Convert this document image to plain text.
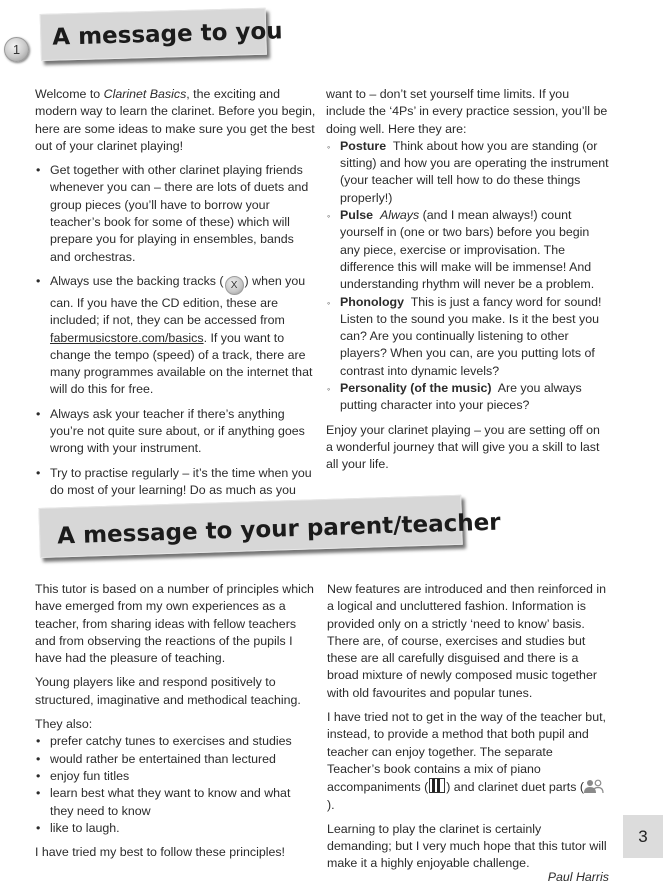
1	A message to you

Welcome to Clarinet Basics, the exciting and modern way to learn the clarinet. Before you begin, here are some ideas to make sure you get the best out of your clarinet playing!

• Get together with other clarinet playing friends whenever you can – there are lots of duets and group pieces (you’ll have to borrow your teacher’s book for some of these) which will prepare you for playing in ensembles, bands and orchestras.
• Always use the backing tracks ( X ) when you can. If you have the CD edition, these are included; if not, they can be accessed from fabermusicstore.com/basics. If you want to change the tempo (speed) of a track, there are many programmes available on the internet that will do this for free.
• Always ask your teacher if there’s anything you’re not quite sure about, or if anything goes wrong with your instrument.
• Try to practise regularly – it’s the time when you do most of your learning! Do as much as you

want to – don’t set yourself time limits. If you include the ‘4Ps’ in every practice session, you’ll be doing well. Here they are:

◦ Posture Think about how you are standing (or sitting) and how you are operating the instrument (your teacher will tell how to do these things properly!)
◦ Pulse Always (and I mean always!) count yourself in (one or two bars) before you begin any piece, exercise or improvisation. The difference this will make will be immense! And understanding rhythm will never be a problem.
◦ Phonology This is just a fancy word for sound! Listen to the sound you make. Is it the best you can? Are you continually listening to other players? When you can, are you putting lots of contrast into dynamic levels?
◦ Personality (of the music) Are you always putting character into your pieces?

Enjoy your clarinet playing – you are setting off on a wonderful journey that will give you a skill to last all your life.

A message to your parent/teacher

This tutor is based on a number of principles which have emerged from my own experiences as a teacher, from sharing ideas with fellow teachers and from observing the reactions of the pupils I have had the pleasure of teaching.

Young players like and respond positively to structured, imaginative and methodical teaching.

They also:

• prefer catchy tunes to exercises and studies
• would rather be entertained than lectured
• enjoy fun titles
• learn best what they want to know and what they need to know
• like to laugh.

I have tried my best to follow these principles!

New features are introduced and then reinforced in a logical and uncluttered fashion. Information is provided only on a strictly ‘need to know’ basis. There are, of course, exercises and studies but these are all carefully disguised and there is a broad mixture of newly composed music together with old favourites and popular tunes.

I have tried not to get in the way of the teacher but, instead, to provide a method that both pupil and teacher can enjoy together. The separate Teacher’s book contains a mix of piano accompaniments ( ) and clarinet duet parts ().

Learning to play the clarinet is certainly demanding; but I very much hope that this tutor will make it a highly enjoyable challenge.

Paul Harris
3
